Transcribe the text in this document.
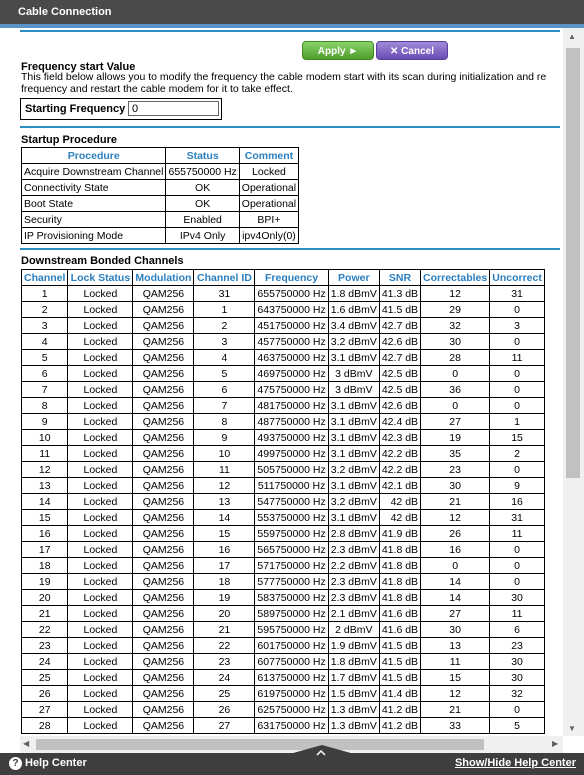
Cable Connection
Apply ►	✕ Cancel
Frequency start Value
This field below allows you to modify the frequency the cable modem start with its scan during initialization and re frequency and restart the cable modem for it to take effect.
Starting Frequency
0
Startup Procedure
Procedure	Status	Comment
Acquire Downstream Channel	655750000 Hz	Locked
Connectivity State	OK	Operational
Boot State	OK	Operational
Security	Enabled	BPI+
IP Provisioning Mode	IPv4 Only	ipv4Only(0)
Downstream Bonded Channels
Channel	Lock Status	Modulation	Channel ID	Frequency	Power	SNR	Correctables	Uncorrect
1	Locked	QAM256	31	655750000 Hz	1.8 dBmV	41.3 dB	12	31
2	Locked	QAM256	1	643750000 Hz	1.6 dBmV	41.5 dB	29	0
3	Locked	QAM256	2	451750000 Hz	3.4 dBmV	42.7 dB	32	3
4	Locked	QAM256	3	457750000 Hz	3.2 dBmV	42.6 dB	30	0
5	Locked	QAM256	4	463750000 Hz	3.1 dBmV	42.7 dB	28	11
6	Locked	QAM256	5	469750000 Hz	3 dBmV	42.5 dB	0	0
7	Locked	QAM256	6	475750000 Hz	3 dBmV	42.5 dB	36	0
8	Locked	QAM256	7	481750000 Hz	3.1 dBmV	42.6 dB	0	0
9	Locked	QAM256	8	487750000 Hz	3.1 dBmV	42.4 dB	27	1
10	Locked	QAM256	9	493750000 Hz	3.1 dBmV	42.3 dB	19	15
11	Locked	QAM256	10	499750000 Hz	3.1 dBmV	42.2 dB	35	2
12	Locked	QAM256	11	505750000 Hz	3.2 dBmV	42.2 dB	23	0
13	Locked	QAM256	12	511750000 Hz	3.1 dBmV	42.1 dB	30	9
14	Locked	QAM256	13	547750000 Hz	3.2 dBmV	42 dB	21	16
15	Locked	QAM256	14	553750000 Hz	3.1 dBmV	42 dB	12	31
16	Locked	QAM256	15	559750000 Hz	2.8 dBmV	41.9 dB	26	11
17	Locked	QAM256	16	565750000 Hz	2.3 dBmV	41.8 dB	16	0
18	Locked	QAM256	17	571750000 Hz	2.2 dBmV	41.8 dB	0	0
19	Locked	QAM256	18	577750000 Hz	2.3 dBmV	41.8 dB	14	0
20	Locked	QAM256	19	583750000 Hz	2.3 dBmV	41.8 dB	14	30
21	Locked	QAM256	20	589750000 Hz	2.1 dBmV	41.6 dB	27	11
22	Locked	QAM256	21	595750000 Hz	2 dBmV	41.6 dB	30	6
23	Locked	QAM256	22	601750000 Hz	1.9 dBmV	41.5 dB	13	23
24	Locked	QAM256	23	607750000 Hz	1.8 dBmV	41.5 dB	11	30
25	Locked	QAM256	24	613750000 Hz	1.7 dBmV	41.5 dB	15	30
26	Locked	QAM256	25	619750000 Hz	1.5 dBmV	41.4 dB	12	32
27	Locked	QAM256	26	625750000 Hz	1.3 dBmV	41.2 dB	21	0
28	Locked	QAM256	27	631750000 Hz	1.3 dBmV	41.2 dB	33	5
▲
▼
◀	▶
? Help Center	Show/Hide Help Center
